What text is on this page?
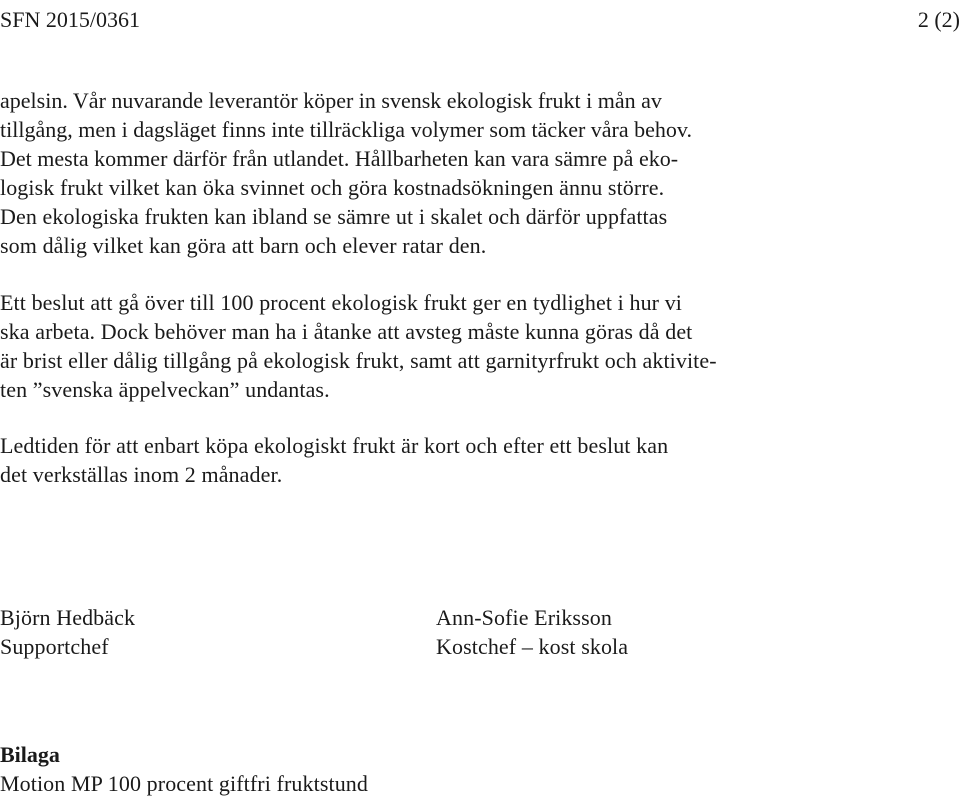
SFN 2015/0361	2 (2)
apelsin. Vår nuvarande leverantör köper in svensk ekologisk frukt i mån av
tillgång, men i dagsläget finns inte tillräckliga volymer som täcker våra behov.
Det mesta kommer därför från utlandet. Hållbarheten kan vara sämre på eko-
logisk frukt vilket kan öka svinnet och göra kostnadsökningen ännu större.
Den ekologiska frukten kan ibland se sämre ut i skalet och därför uppfattas
som dålig vilket kan göra att barn och elever ratar den.
Ett beslut att gå över till 100 procent ekologisk frukt ger en tydlighet i hur vi
ska arbeta. Dock behöver man ha i åtanke att avsteg måste kunna göras då det
är brist eller dålig tillgång på ekologisk frukt, samt att garnityrfrukt och aktivite-
ten ”svenska äppelveckan” undantas.
Ledtiden för att enbart köpa ekologiskt frukt är kort och efter ett beslut kan
det verkställas inom 2 månader.
Björn Hedbäck
Supportchef
Ann-Sofie Eriksson
Kostchef – kost skola
Bilaga
Motion MP 100 procent giftfri fruktstund
